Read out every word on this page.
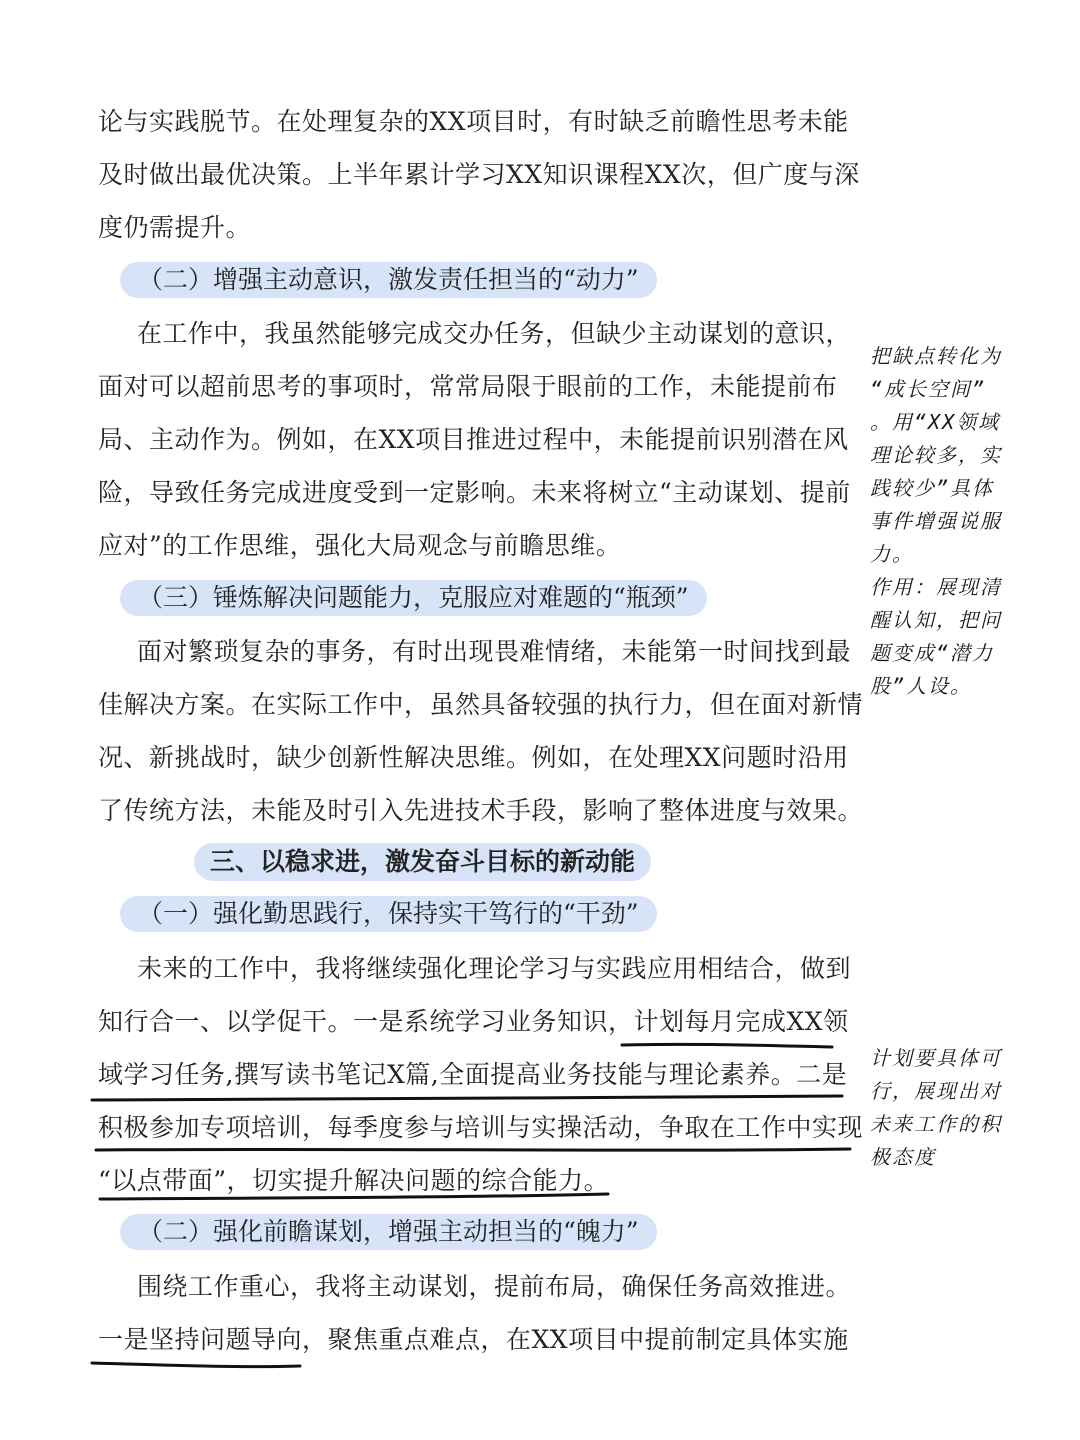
论与实践脱节。在处理复杂的XX项目时，有时缺乏前瞻性思考未能
及时做出最优决策。上半年累计学习XX知识课程XX次，但广度与深
度仍需提升。
（二）增强主动意识，激发责任担当的“动力”
在工作中，我虽然能够完成交办任务，但缺少主动谋划的意识，
面对可以超前思考的事项时，常常局限于眼前的工作，未能提前布
局、主动作为。例如，在XX项目推进过程中，未能提前识别潜在风
险，导致任务完成进度受到一定影响。未来将树立“主动谋划、提前
应对”的工作思维，强化大局观念与前瞻思维。
（三）锤炼解决问题能力，克服应对难题的“瓶颈”
面对繁琐复杂的事务，有时出现畏难情绪，未能第一时间找到最
佳解决方案。在实际工作中，虽然具备较强的执行力，但在面对新情
况、新挑战时，缺少创新性解决思维。例如，在处理XX问题时沿用
了传统方法，未能及时引入先进技术手段，影响了整体进度与效果。
三、以稳求进，激发奋斗目标的新动能
（一）强化勤思践行，保持实干笃行的“干劲”
未来的工作中，我将继续强化理论学习与实践应用相结合，做到
知行合一、以学促干。一是系统学习业务知识，计划每月完成XX领
域学习任务,撰写读书笔记X篇,全面提高业务技能与理论素养。二是
积极参加专项培训，每季度参与培训与实操活动，争取在工作中实现
“以点带面”，切实提升解决问题的综合能力。
（二）强化前瞻谋划，增强主动担当的“魄力”
围绕工作重心，我将主动谋划，提前布局，确保任务高效推进。
一是坚持问题导向，聚焦重点难点，在XX项目中提前制定具体实施

把缺点转化为

“成长空间”

。用“XX领域

理论较多，实

践较少”具体

事件增强说服

力。

作用：展现清

醒认知，把问

题变成“潜力

股”人设。

计划要具体可

行，展现出对

未来工作的积

极态度
